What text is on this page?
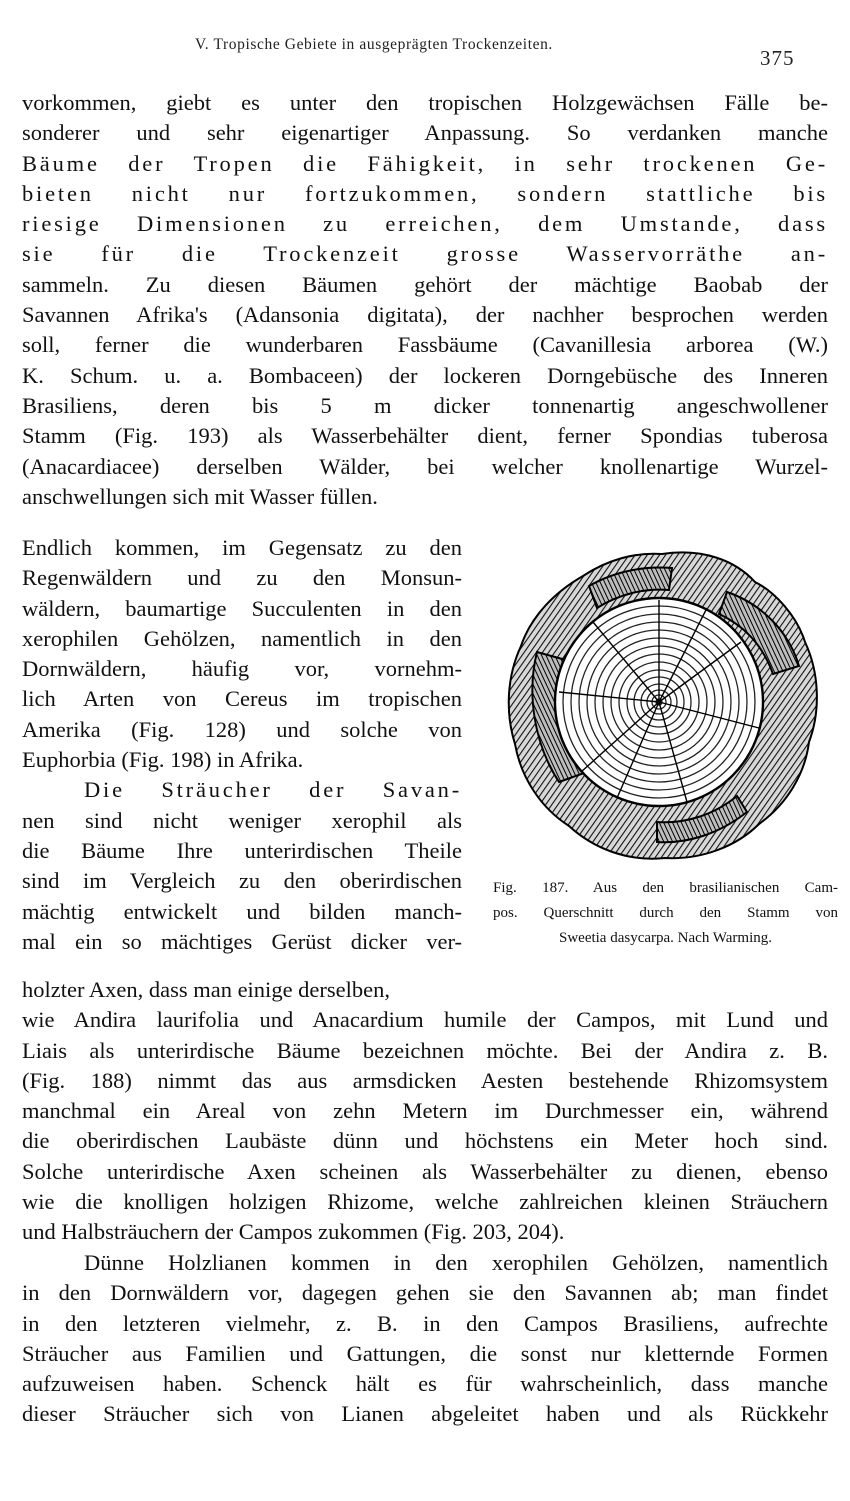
V. Tropische Gebiete in ausgeprägten Trockenzeiten.
375
vorkommen, giebt es unter den tropischen Holzgewächsen Fälle be-
sonderer und sehr eigenartiger Anpassung. So verdanken manche
Bäume der Tropen die Fähigkeit, in sehr trockenen Ge-
bieten nicht nur fortzukommen, sondern stattliche bis
riesige Dimensionen zu erreichen, dem Umstande, dass
sie für die Trockenzeit grosse Wasservorräthe an-
sammeln. Zu diesen Bäumen gehört der mächtige Baobab der
Savannen Afrika's (Adansonia digitata), der nachher besprochen werden
soll, ferner die wunderbaren Fassbäume (Cavanillesia arborea (W.)
K. Schum. u. a. Bombaceen) der lockeren Dorngebüsche des Inneren
Brasiliens, deren bis 5 m dicker tonnenartig angeschwollener
Stamm (Fig. 193) als Wasserbehälter dient, ferner Spondias tuberosa
(Anacardiacee) derselben Wälder, bei welcher knollenartige Wurzel-
anschwellungen sich mit Wasser füllen.
Endlich kommen, im Gegensatz zu den
Regenwäldern und zu den Monsun-
wäldern, baumartige Succulenten in den
xerophilen Gehölzen, namentlich in den
Dornwäldern, häufig vor, vornehm-
lich Arten von Cereus im tropischen
Amerika (Fig. 128) und solche von
Euphorbia (Fig. 198) in Afrika.
Die Sträucher der Savan-
nen sind nicht weniger xerophil als
die Bäume Ihre unterirdischen Theile
sind im Vergleich zu den oberirdischen
mächtig entwickelt und bilden manch-
mal ein so mächtiges Gerüst dicker ver-
Fig. 187. Aus den brasilianischen Cam-
pos. Querschnitt durch den Stamm von
Sweetia dasycarpa. Nach Warming.
holzter Axen, dass man einige derselben,
wie Andira laurifolia und Anacardium humile der Campos, mit Lund und
Liais als unterirdische Bäume bezeichnen möchte. Bei der Andira z. B.
(Fig. 188) nimmt das aus armsdicken Aesten bestehende Rhizomsystem
manchmal ein Areal von zehn Metern im Durchmesser ein, während
die oberirdischen Laubäste dünn und höchstens ein Meter hoch sind.
Solche unterirdische Axen scheinen als Wasserbehälter zu dienen, ebenso
wie die knolligen holzigen Rhizome, welche zahlreichen kleinen Sträuchern
und Halbsträuchern der Campos zukommen (Fig. 203, 204).
Dünne Holzlianen kommen in den xerophilen Gehölzen, namentlich
in den Dornwäldern vor, dagegen gehen sie den Savannen ab; man findet
in den letzteren vielmehr, z. B. in den Campos Brasiliens, aufrechte
Sträucher aus Familien und Gattungen, die sonst nur kletternde Formen
aufzuweisen haben. Schenck hält es für wahrscheinlich, dass manche
dieser Sträucher sich von Lianen abgeleitet haben und als Rückkehr
